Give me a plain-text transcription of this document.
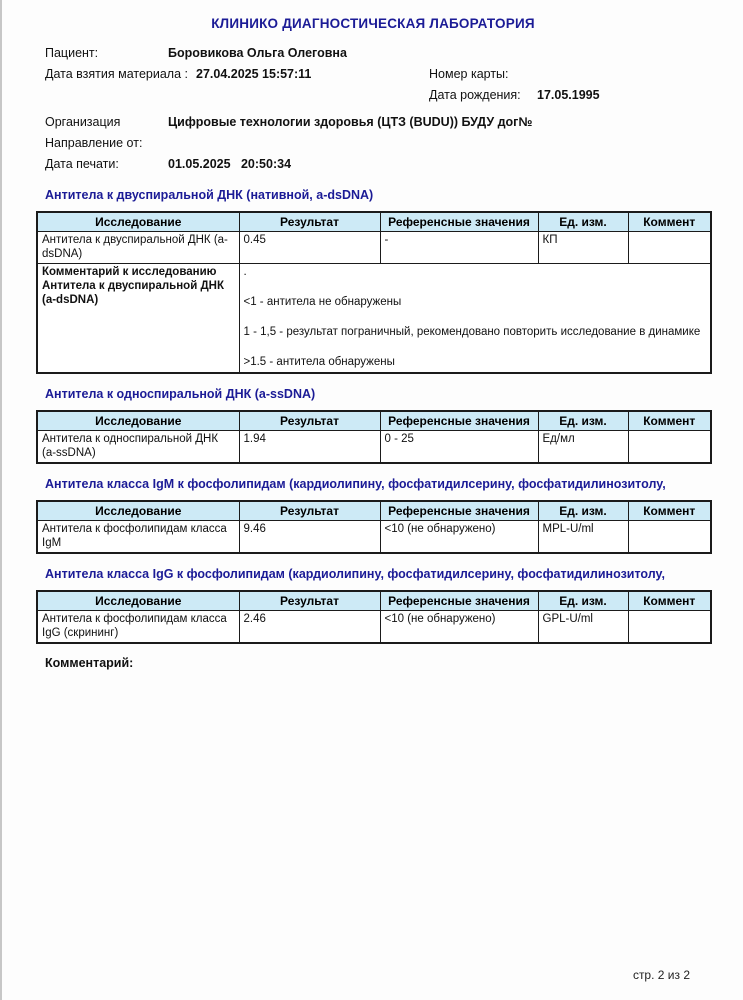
КЛИНИКО ДИАГНОСТИЧЕСКАЯ ЛАБОРАТОРИЯ
Пациент:	Боровикова Ольга Олеговна
Дата взятия материала : 27.04.2025 15:57:11	Номер карты:
Дата рождения: 17.05.1995
Организация	Цифровые технологии здоровья (ЦТЗ (BUDU)) БУДУ дог№
Направление от:
Дата печати:	01.05.2025   20:50:34
Антитела к двуспиральной ДНК (нативной, a-dsDNA)
Исследование	Результат	Референсные значения	Ед. изм.	Коммент
Антитела к двуспиральной ДНК (a-dsDNA)	0.45	-	КП	
Комментарий к исследованию Антитела к двуспиральной ДНК (a-dsDNA)	.
<1 - антитела не обнаружены
1 - 1,5 - результат пограничный, рекомендовано повторить исследование в динамике
>1.5 - антитела обнаружены			
Антитела к односпиральной ДНК (a-ssDNA)
Исследование	Результат	Референсные значения	Ед. изм.	Коммент
Антитела к односпиральной ДНК (a-ssDNA)	1.94	0 - 25	Ед/мл	
Антитела класса IgM к фосфолипидам (кардиолипину, фосфатидилсерину, фосфатидилинозитолу,
Исследование	Результат	Референсные значения	Ед. изм.	Коммент
Антитела к фосфолипидам класса IgM	9.46	<10 (не обнаружено)	MPL-U/ml	
Антитела класса IgG к фосфолипидам (кардиолипину, фосфатидилсерину, фосфатидилинозитолу,
Исследование	Результат	Референсные значения	Ед. изм.	Коммент
Антитела к фосфолипидам класса IgG (скрининг)	2.46	<10 (не обнаружено)	GPL-U/ml	
Комментарий:
стр. 2 из 2
